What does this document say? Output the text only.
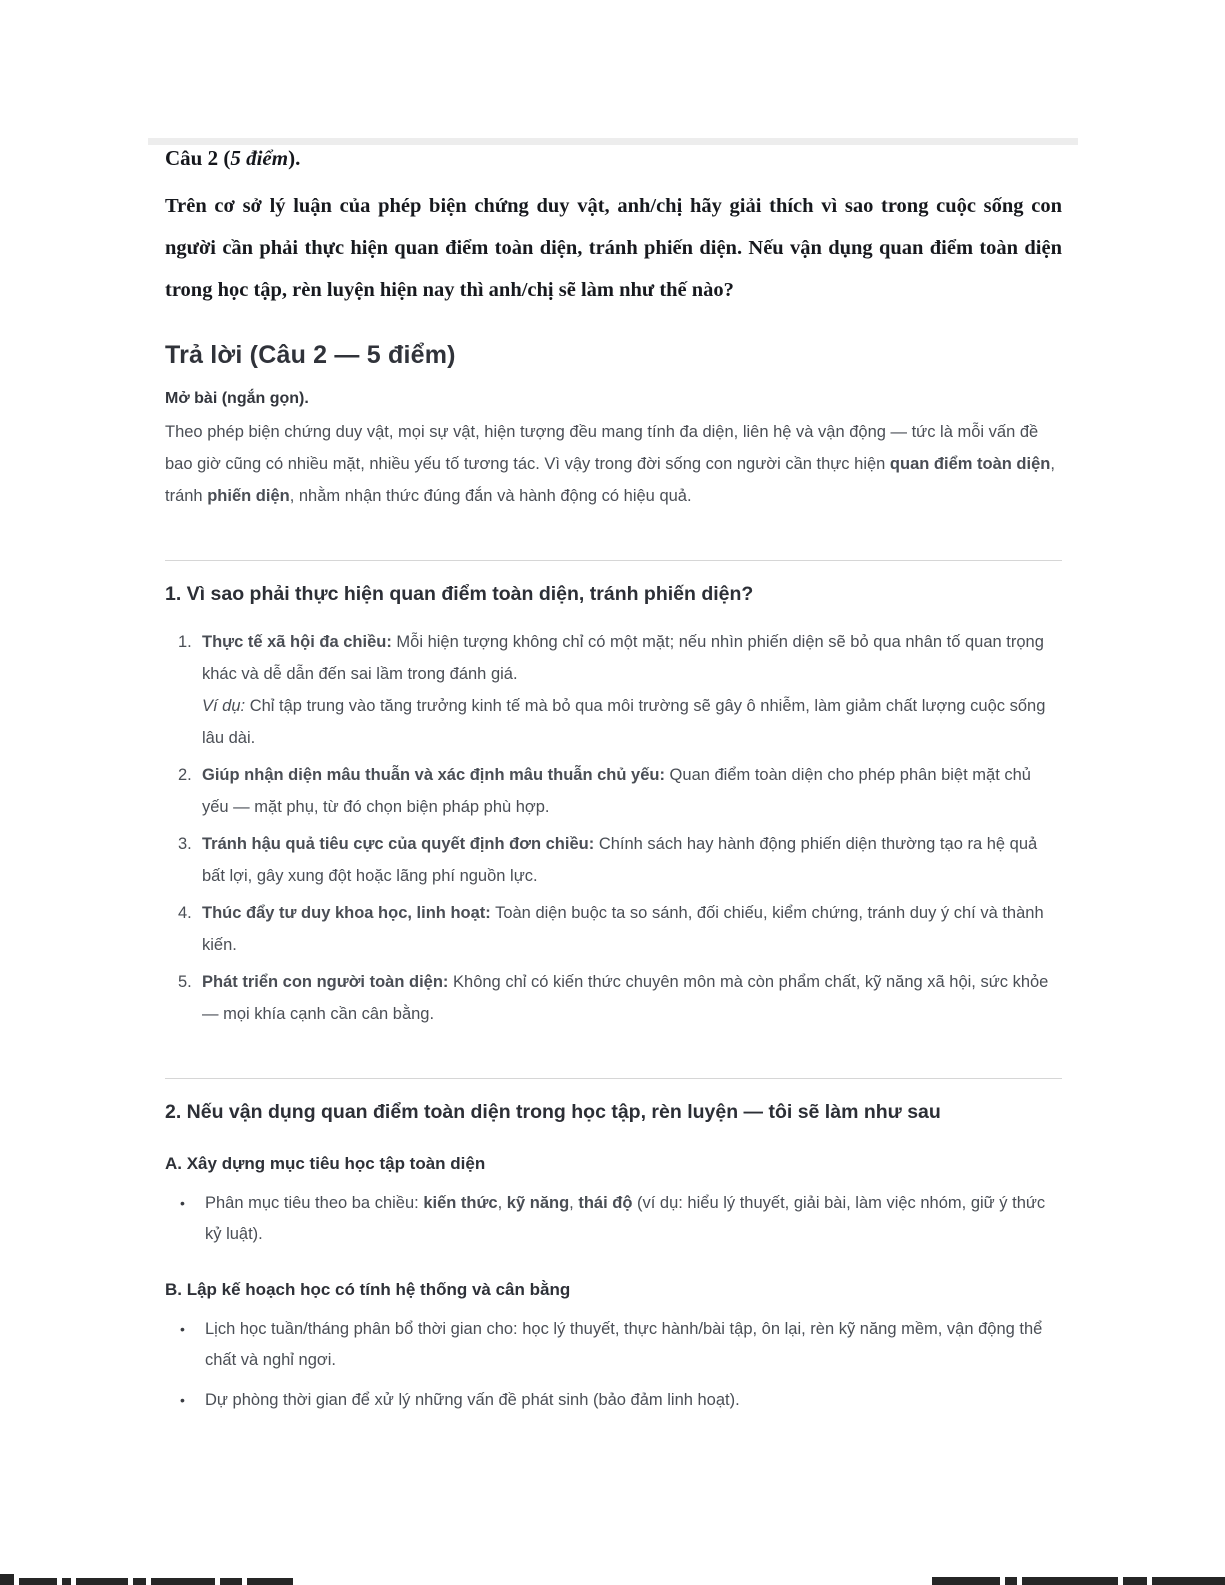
Câu 2 (5 điểm).

Trên cơ sở lý luận của phép biện chứng duy vật, anh/chị hãy giải thích vì sao trong cuộc sống con người cần phải thực hiện quan điểm toàn diện, tránh phiến diện. Nếu vận dụng quan điểm toàn diện trong học tập, rèn luyện hiện nay thì anh/chị sẽ làm như thế nào?

Trả lời (Câu 2 — 5 điểm)
Mở bài (ngắn gọn).

Theo phép biện chứng duy vật, mọi sự vật, hiện tượng đều mang tính đa diện, liên hệ và vận động — tức là mỗi vấn đề bao giờ cũng có nhiều mặt, nhiều yếu tố tương tác. Vì vậy trong đời sống con người cần thực hiện quan điểm toàn diện, tránh phiến diện, nhằm nhận thức đúng đắn và hành động có hiệu quả.

1. Vì sao phải thực hiện quan điểm toàn diện, tránh phiến diện?
1. Thực tế xã hội đa chiều: Mỗi hiện tượng không chỉ có một mặt; nếu nhìn phiến diện sẽ bỏ qua nhân tố quan trọng khác và dễ dẫn đến sai lầm trong đánh giá.

Ví dụ: Chỉ tập trung vào tăng trưởng kinh tế mà bỏ qua môi trường sẽ gây ô nhiễm, làm giảm chất lượng cuộc sống lâu dài.

2. Giúp nhận diện mâu thuẫn và xác định mâu thuẫn chủ yếu: Quan điểm toàn diện cho phép phân biệt mặt chủ yếu — mặt phụ, từ đó chọn biện pháp phù hợp.

3. Tránh hậu quả tiêu cực của quyết định đơn chiều: Chính sách hay hành động phiến diện thường tạo ra hệ quả bất lợi, gây xung đột hoặc lãng phí nguồn lực.

4. Thúc đẩy tư duy khoa học, linh hoạt: Toàn diện buộc ta so sánh, đối chiếu, kiểm chứng, tránh duy ý chí và thành kiến.

5. Phát triển con người toàn diện: Không chỉ có kiến thức chuyên môn mà còn phẩm chất, kỹ năng xã hội, sức khỏe — mọi khía cạnh cần cân bằng.

2. Nếu vận dụng quan điểm toàn diện trong học tập, rèn luyện — tôi sẽ làm như sau
A. Xây dựng mục tiêu học tập toàn diện
•	Phân mục tiêu theo ba chiều: kiến thức, kỹ năng, thái độ (ví dụ: hiểu lý thuyết, giải bài, làm việc nhóm, giữ ý thức kỷ luật).

B. Lập kế hoạch học có tính hệ thống và cân bằng
•	Lịch học tuần/tháng phân bổ thời gian cho: học lý thuyết, thực hành/bài tập, ôn lại, rèn kỹ năng mềm, vận động thể chất và nghỉ ngơi.

•	Dự phòng thời gian để xử lý những vấn đề phát sinh (bảo đảm linh hoạt).
